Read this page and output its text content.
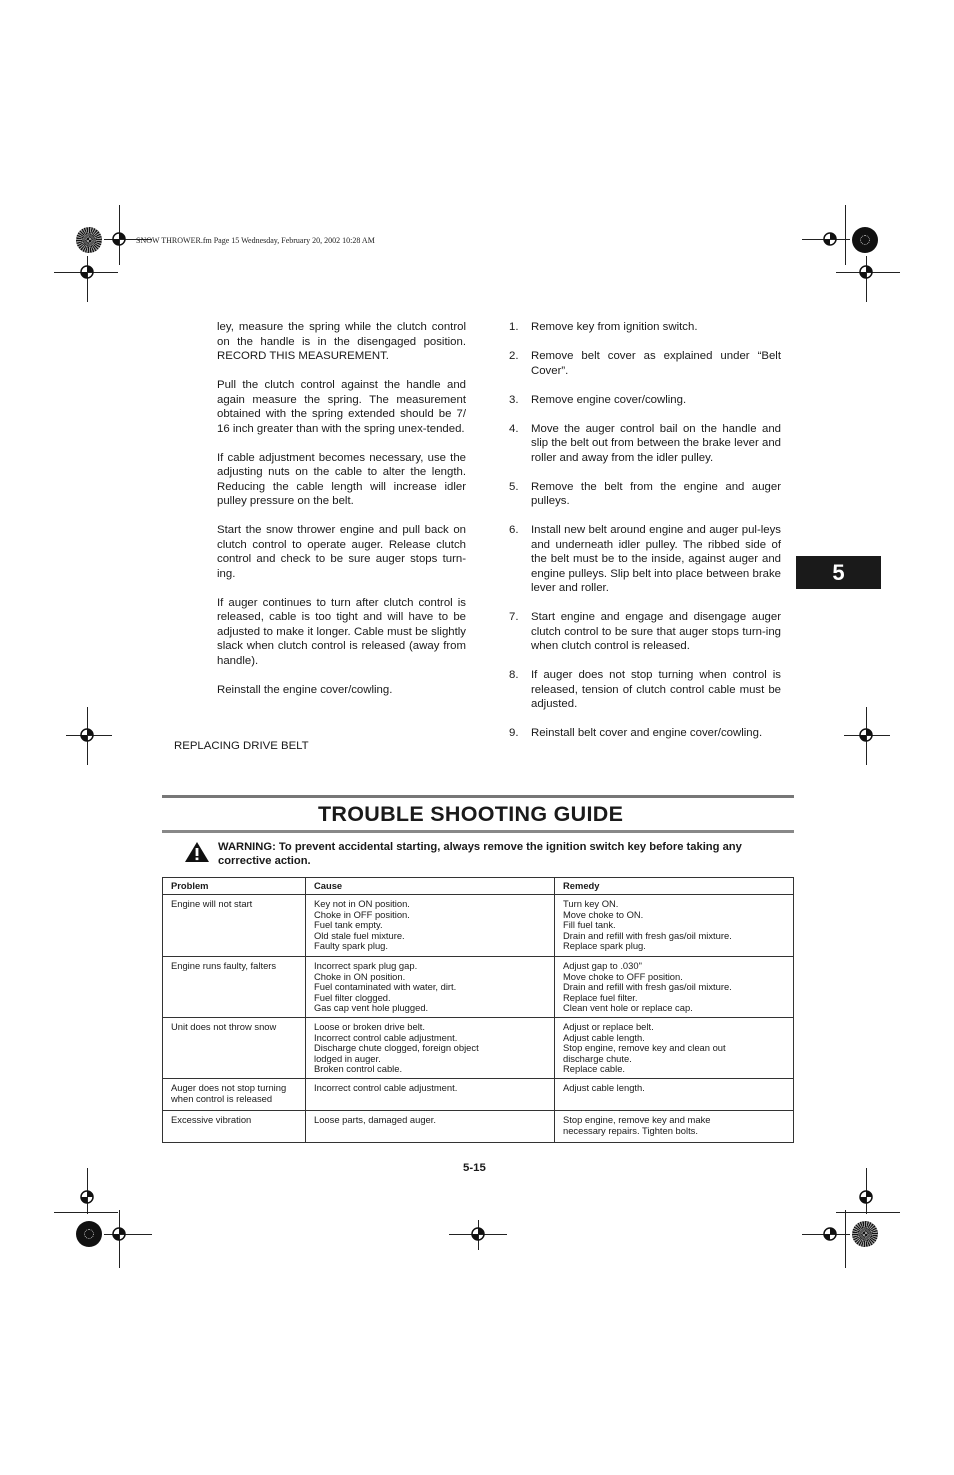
SNOW THROWER.fm Page 15 Wednesday, February 20, 2002 10:28 AM

ley, measure the spring while the clutch control on the handle is in the disengaged position. RECORD THIS MEASUREMENT.

Pull the clutch control against the handle and again measure the spring. The measurement obtained with the spring extended should be 7/ 16 inch greater than with the spring unex-tended.

If cable adjustment becomes necessary, use the adjusting nuts on the cable to alter the length. Reducing the cable length will increase idler pulley pressure on the belt.

Start the snow thrower engine and pull back on clutch control to operate auger. Release clutch control and check to be sure auger stops turn-ing.

If auger continues to turn after clutch control is released, cable is too tight and will have to be adjusted to make it longer. Cable must be slightly slack when clutch control is released (away from handle).

Reinstall the engine cover/cowling.

REPLACING DRIVE BELT
1.	Remove key from ignition switch.
2.	Remove belt cover as explained under “Belt Cover”.
3.	Remove engine cover/cowling.
4.	Move the auger control bail on the handle and slip the belt out from between the brake lever and roller and away from the idler pulley.
5.	Remove the belt from the engine and auger pulleys.
6.	Install new belt around engine and auger pul-leys and underneath idler pulley. The ribbed side of the belt must be to the inside, against auger and engine pulleys. Slip belt into place between brake lever and roller.
7.	Start engine and engage and disengage auger clutch control to be sure that auger stops turn-ing when clutch control is released.
8.	If auger does not stop turning when control is released, tension of clutch control cable must be adjusted.
9.	Reinstall belt cover and engine cover/cowling.
5
TROUBLE SHOOTING GUIDE
WARNING: To prevent accidental starting, always remove the ignition switch key before taking any corrective action.
Problem	Cause	Remedy

Engine will not start	Key not in ON position.
Choke in OFF position.
Fuel tank empty.
Old stale fuel mixture.
Faulty spark plug.	Turn key ON.
Move choke to ON.
Fill fuel tank.
Drain and refill with fresh gas/oil mixture.
Replace spark plug.

Engine runs faulty, falters	Incorrect spark plug gap.
Choke in ON position.
Fuel contaminated with water, dirt.
Fuel filter clogged.
Gas cap vent hole plugged.	Adjust gap to .030"
Move choke to OFF position.
Drain and refill with fresh gas/oil mixture.
Replace fuel filter.
Clean vent hole or replace cap.

Unit does not throw snow	Loose or broken drive belt.
Incorrect control cable adjustment.
Discharge chute clogged, foreign object
lodged in auger.
Broken control cable.	Adjust or replace belt.
Adjust cable length.
Stop engine, remove key and clean out
discharge chute.
Replace cable.

Auger does not stop turning
when control is released	Incorrect control cable adjustment.	Adjust cable length.

Excessive vibration	Loose parts, damaged auger.	Stop engine, remove key and make
necessary repairs. Tighten bolts.
5-15
